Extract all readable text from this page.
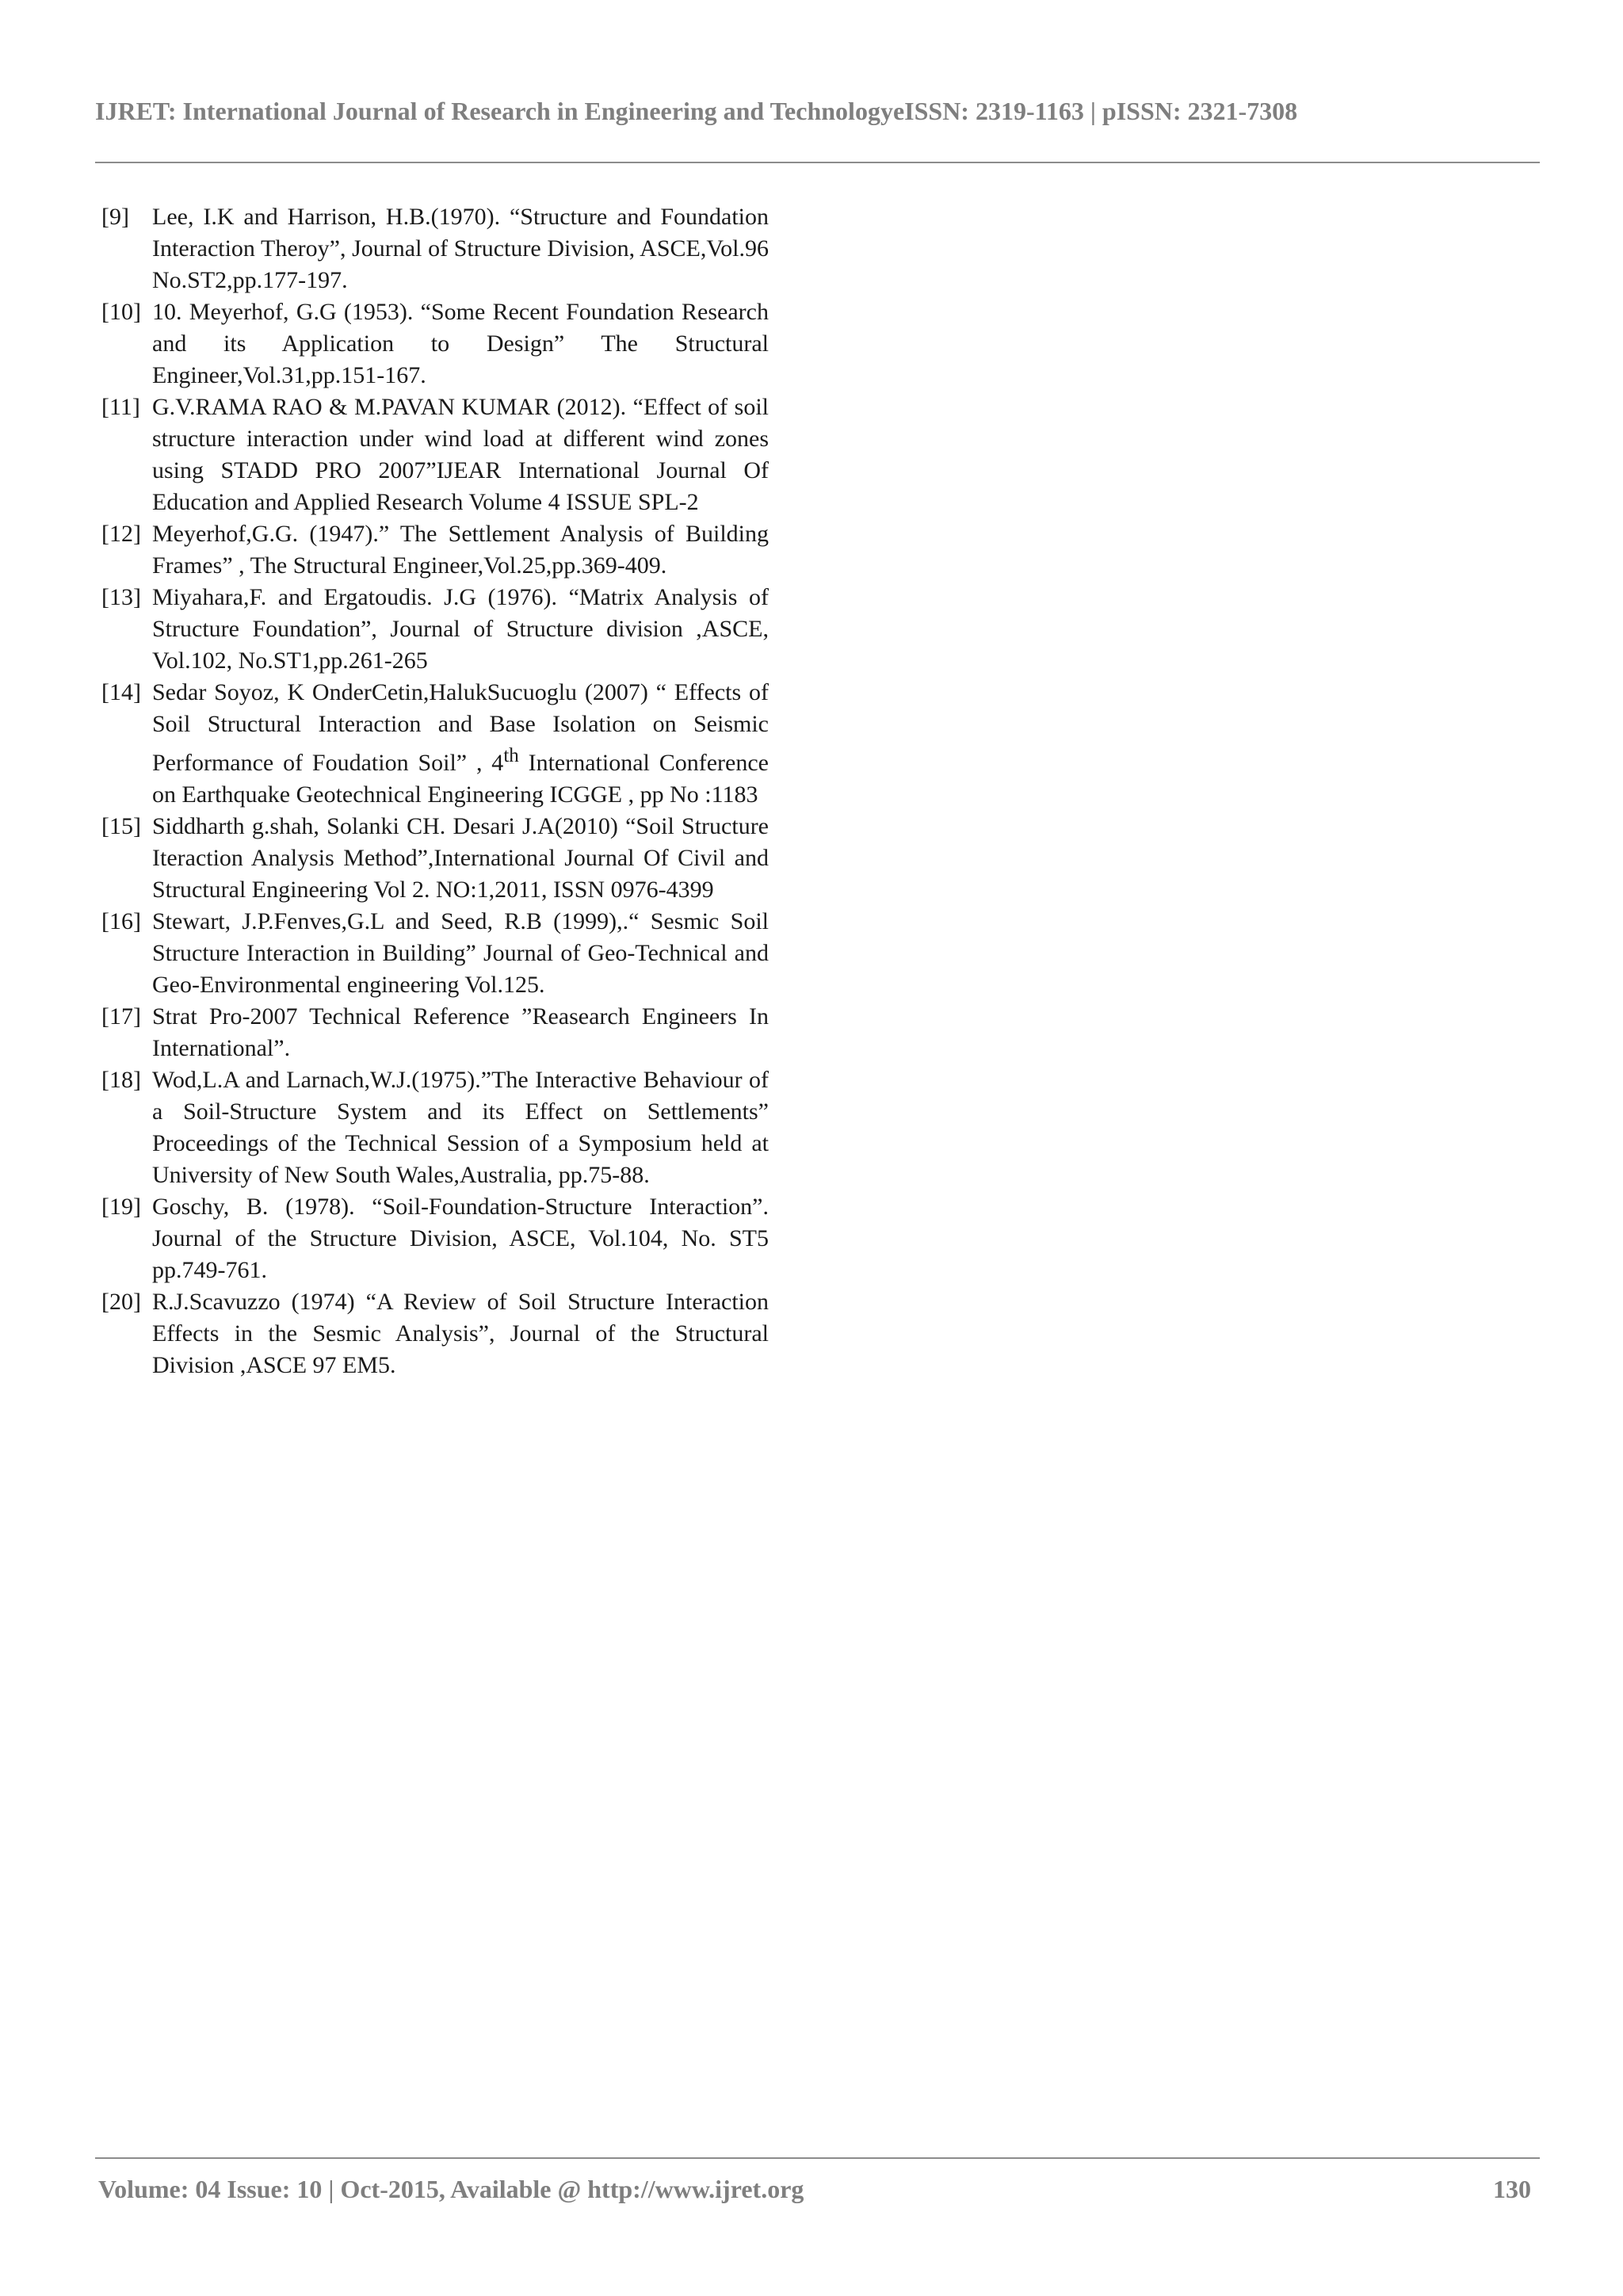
IJRET: International Journal of Research in Engineering and TechnologyeISSN: 2319-1163 | pISSN: 2321-7308
[9] Lee, I.K and Harrison, H.B.(1970). “Structure and Foundation Interaction Theroy”, Journal of Structure Division, ASCE,Vol.96 No.ST2,pp.177-197.
[10] 10. Meyerhof, G.G (1953). “Some Recent Foundation Research and its Application to Design” The Structural Engineer,Vol.31,pp.151-167.
[11] G.V.RAMA RAO & M.PAVAN KUMAR (2012). “Effect of soil structure interaction under wind load at different wind zones using STADD PRO 2007”IJEAR International Journal Of Education and Applied Research Volume 4 ISSUE SPL-2
[12] Meyerhof,G.G. (1947).” The Settlement Analysis of Building Frames” , The Structural Engineer,Vol.25,pp.369-409.
[13] Miyahara,F. and Ergatoudis. J.G (1976). “Matrix Analysis of Structure Foundation”, Journal of Structure division ,ASCE, Vol.102, No.ST1,pp.261-265
[14] Sedar Soyoz, K OnderCetin,HalukSucuoglu (2007) “ Effects of Soil Structural Interaction and Base Isolation on Seismic Performance of Foudation Soil” , 4th International Conference on Earthquake Geotechnical Engineering ICGGE , pp No :1183
[15] Siddharth g.shah, Solanki CH. Desari J.A(2010) “Soil Structure Iteraction Analysis Method”,International Journal Of Civil and Structural Engineering Vol 2. NO:1,2011, ISSN 0976-4399
[16] Stewart, J.P.Fenves,G.L and Seed, R.B (1999),.“ Sesmic Soil Structure Interaction in Building” Journal of Geo-Technical and Geo-Environmental engineering Vol.125.
[17] Strat Pro-2007 Technical Reference ”Reasearch Engineers In International”.
[18] Wod,L.A and Larnach,W.J.(1975).”The Interactive Behaviour of a Soil-Structure System and its Effect on Settlements” Proceedings of the Technical Session of a Symposium held at University of New South Wales,Australia, pp.75-88.
[19] Goschy, B. (1978). “Soil-Foundation-Structure Interaction”. Journal of the Structure Division, ASCE, Vol.104, No. ST5 pp.749-761.
[20] R.J.Scavuzzo (1974) “A Review of Soil Structure Interaction Effects in the Sesmic Analysis”, Journal of the Structural Division ,ASCE 97 EM5.
Volume: 04 Issue: 10 | Oct-2015, Available @ http://www.ijret.org	130
